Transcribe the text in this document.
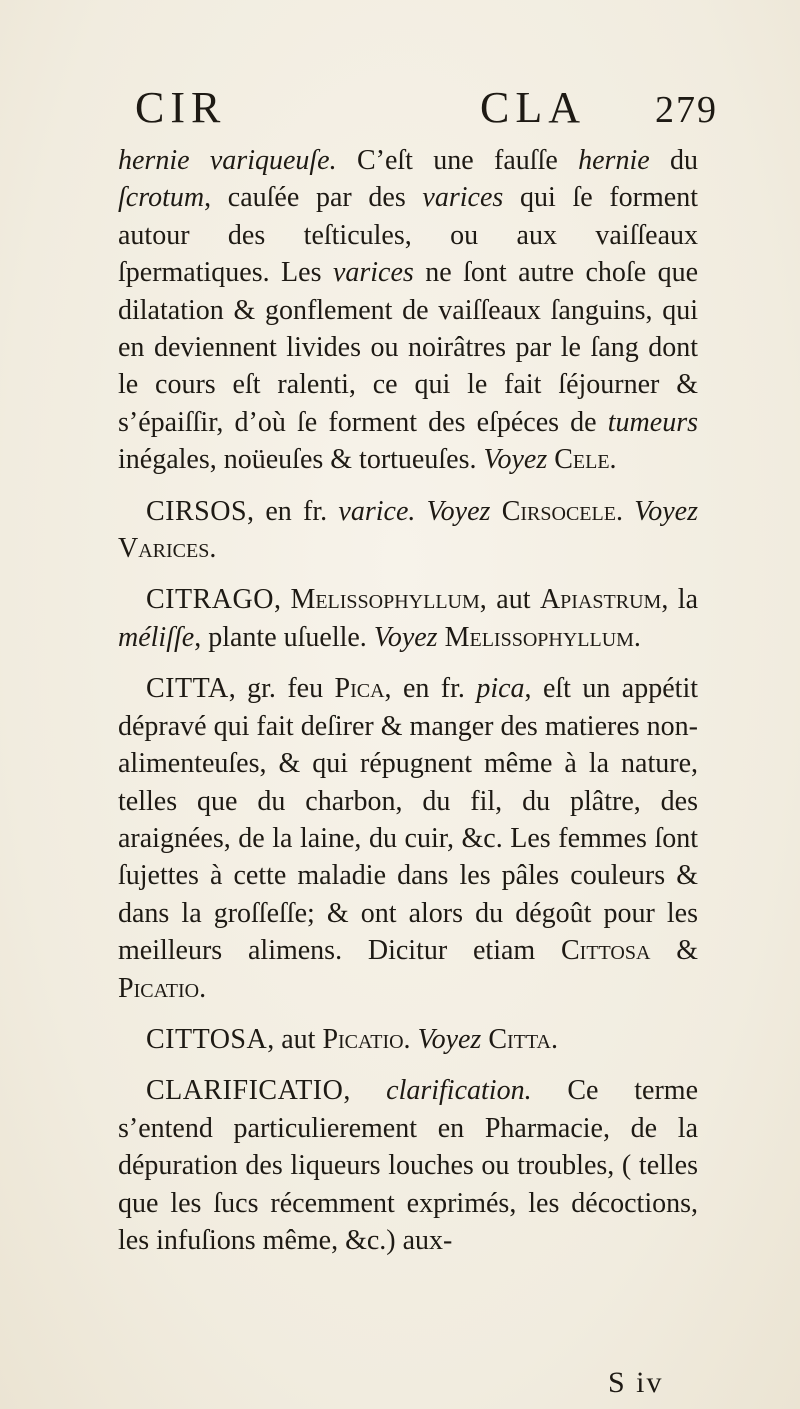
CIR	CLA 279

hernie variqueuſe. C’eſt une fauſſe hernie du ſcrotum, cauſée par des varices qui ſe forment autour des teſticules, ou aux vaiſſeaux ſpermatiques. Les varices ne ſont autre choſe que dilatation & gonflement de vaiſſeaux ſanguins, qui en deviennent livides ou noirâtres par le ſang dont le cours eſt ralenti, ce qui le fait ſéjourner & s’épaiſſir, d’où ſe forment des eſpéces de tumeurs inégales, noüeuſes & tortueuſes. Voyez Cele.

CIRSOS, en fr. varice. Voyez Cirsocele. Voyez Varices.

CITRAGO, Melissophyllum, aut Apiastrum, la méliſſe, plante uſuelle. Voyez Melissophyllum.

CITTA, gr. feu Pica, en fr. pica, eſt un appétit dépravé qui fait deſirer & manger des matieres non-alimenteuſes, & qui répugnent même à la nature, telles que du charbon, du fil, du plâtre, des araignées, de la laine, du cuir, &c. Les femmes ſont ſujettes à cette maladie dans les pâles couleurs & dans la groſſeſſe; & ont alors du dégoût pour les meilleurs alimens. Dicitur etiam Cittosa & Picatio.

CITTOSA, aut Picatio. Voyez Citta.

CLARIFICATIO, clarification. Ce terme s’entend particulierement en Pharmacie, de la dépuration des liqueurs louches ou troubles, ( telles que les ſucs récemment exprimés, les décoctions, les infuſions même, &c.) aux-

S iv
